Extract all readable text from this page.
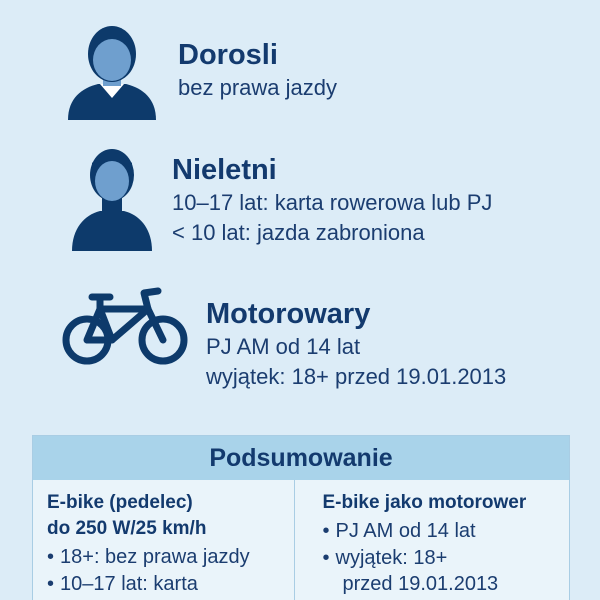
Dorosli

bez prawa jazdy

Nieletni

10–17 lat: karta rowerowa lub PJ

< 10 lat: jazda zabroniona

Motorowary

PJ AM od 14 lat

wyjątek: 18+ przed 19.01.2013

Podsumowanie
E-bike (pedelec)
do 250 W/25 km/h
• 18+: bez prawa jazdy
• 10–17 lat: karta
E-bike jako motorower
• PJ AM od 14 lat
• wyjątek: 18+
przed 19.01.2013
